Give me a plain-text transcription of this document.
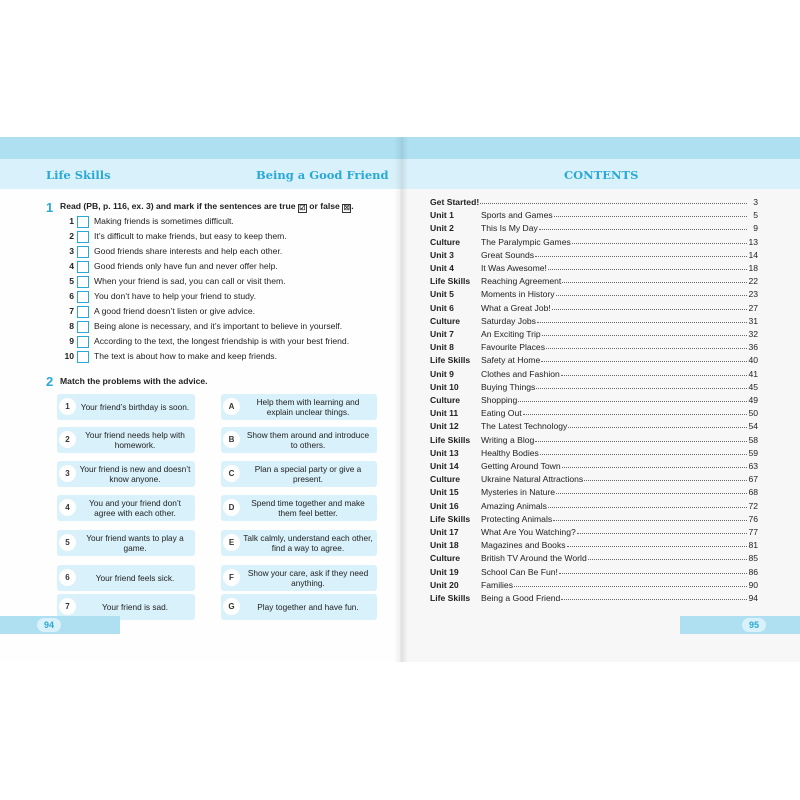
Life Skills	Being a Good Friend
1 Read (PB, p. 116, ex. 3) and mark if the sentences are true ☑ or false ☒.
1 Making friends is sometimes difficult.
2 It’s difficult to make friends, but easy to keep them.
3 Good friends share interests and help each other.
4 Good friends only have fun and never offer help.
5 When your friend is sad, you can call or visit them.
6 You don’t have to help your friend to study.
7 A good friend doesn’t listen or give advice.
8 Being alone is necessary, and it’s important to believe in yourself.
9 According to the text, the longest friendship is with your best friend.
10 The text is about how to make and keep friends.
2 Match the problems with the advice.
1	Your friend’s birthday is soon.
2	Your friend needs help with homework.
3	Your friend is new and doesn’t know anyone.
4	You and your friend don’t agree with each other.
5	Your friend wants to play a game.
6	Your friend feels sick.
7	Your friend is sad.
A	Help them with learning and explain unclear things.
B	Show them around and introduce to others.
C	Plan a special party or give a present.
D	Spend time together and make them feel better.
E	Talk calmly, understand each other, find a way to agree.
F	Show your care, ask if they need anything.
G	Play together and have fun.
94
CONTENTS
95
Get Started!	3
Unit 1	Sports and Games	5
Unit 2	This Is My Day	9
Culture The Paralympic Games	13
Unit 3	Great Sounds	14
Unit 4	It Was Awesome!	18
Life Skills Reaching Agreement	22
Unit 5	Moments in History	23
Unit 6	What a Great Job!	27
Culture Saturday Jobs	31
Unit 7	An Exciting Trip	32
Unit 8	Favourite Places	36
Life Skills Safety at Home	40
Unit 9	Clothes and Fashion	41
Unit 10	Buying Things	45
Culture Shopping	49
Unit 11	Eating Out	50
Unit 12	The Latest Technology	54
Life Skills Writing a Blog	58
Unit 13	Healthy Bodies	59
Unit 14	Getting Around Town	63
Culture Ukraine Natural Attractions	67
Unit 15	Mysteries in Nature	68
Unit 16	Amazing Animals	72
Life Skills Protecting Animals	76
Unit 17	What Are You Watching?	77
Unit 18	Magazines and Books	81
Culture British TV Around the World	85
Unit 19	School Can Be Fun!	86
Unit 20	Families	90
Life Skills Being a Good Friend	94
